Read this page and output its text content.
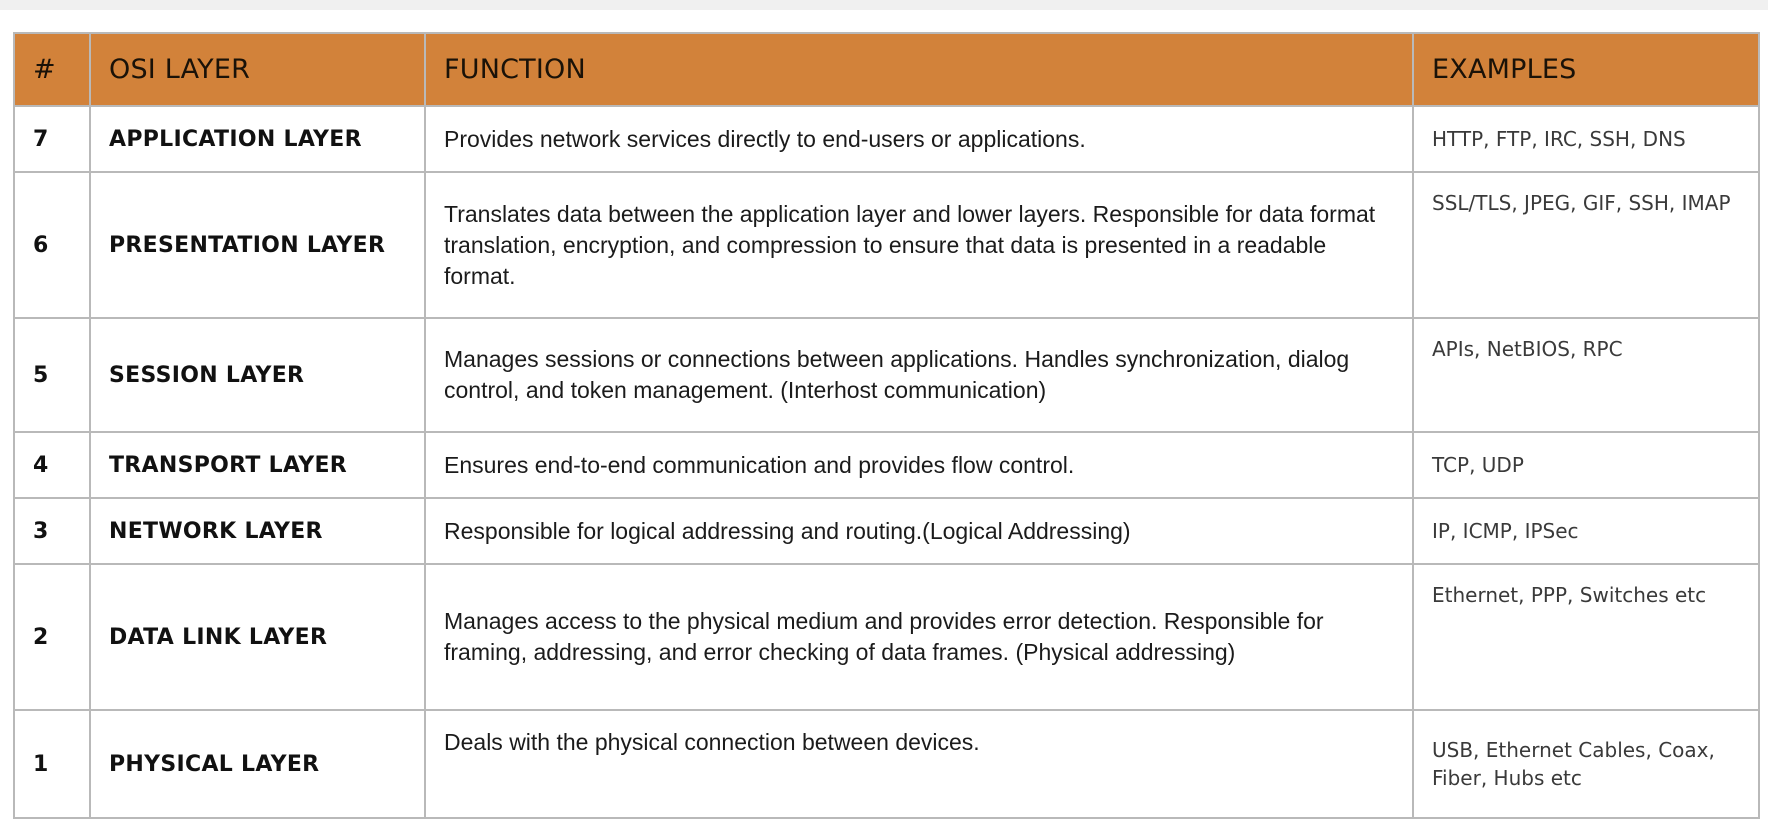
#	OSI LAYER	FUNCTION	EXAMPLES
7	APPLICATION LAYER	Provides network services directly to end-users or applications.	HTTP, FTP, IRC, SSH, DNS
6	PRESENTATION LAYER	Translates data between the application layer and lower layers. Responsible for data format translation, encryption, and compression to ensure that data is presented in a readable format.	SSL/TLS, JPEG, GIF, SSH, IMAP
5	SESSION LAYER	Manages sessions or connections between applications. Handles synchronization, dialog control, and token management. (Interhost communication)	APIs, NetBIOS, RPC
4	TRANSPORT LAYER	Ensures end-to-end communication and provides flow control.	TCP, UDP
3	NETWORK LAYER	Responsible for logical addressing and routing.(Logical Addressing)	IP, ICMP, IPSec
2	DATA LINK LAYER	Manages access to the physical medium and provides error detection. Responsible for framing, addressing, and error checking of data frames. (Physical addressing)	Ethernet, PPP, Switches etc
1	PHYSICAL LAYER	Deals with the physical connection between devices.	USB, Ethernet Cables, Coax, Fiber, Hubs etc
